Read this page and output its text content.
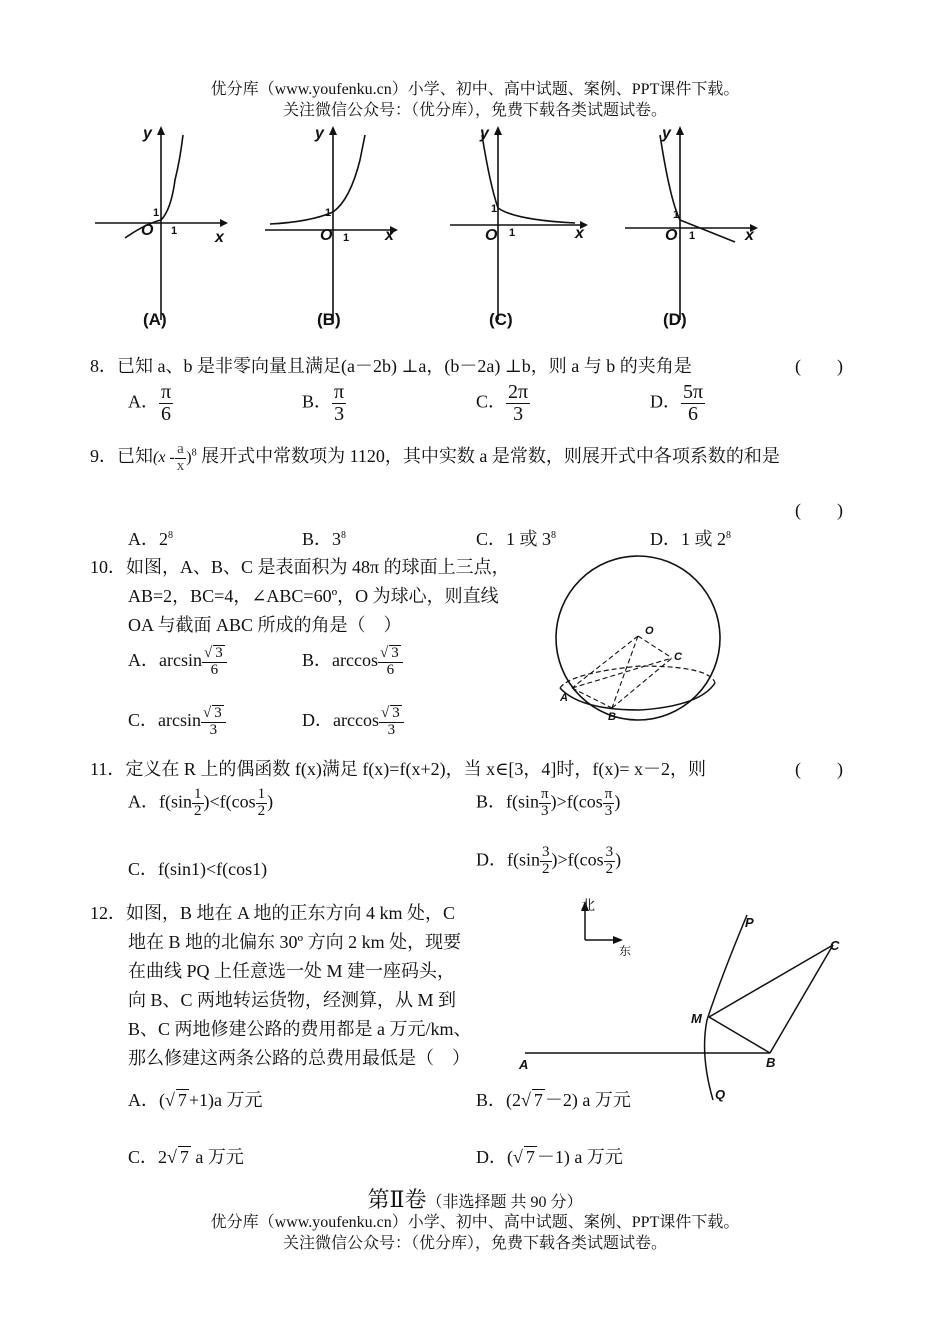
优分库（www.youfenku.cn）小学、初中、高中试题、案例、PPT课件下载。
关注微信公众号：（优分库），免费下载各类试题试卷。
y
x
O
y
x
O
y
x
O
y
x
O
1
1
1
1
1
1
1
1
(A)	(B)	(C)	(D)
8．已知 a、b 是非零向量且满足(a－2b) ⊥a，(b－2a) ⊥b，则 a 与 b 的夹角是	(　　)
A． $\frac{\pi}{6}$	B． $\frac{\pi}{3}$	C． $\frac{2\pi}{3}$	D． $\frac{5\pi}{6}$
9．已知$(x - \frac{a}{x} )^8$ 展开式中常数项为 1120，其中实数 a 是常数，则展开式中各项系数的和是
(　　)
A．$2^8$	B．$3^8$	C．1 或 $3^8$	D．1 或 $2^8$
10．如图，A、B、C 是表面积为 48π 的球面上三点，
AB=2，BC=4，∠ABC=60º，O 为球心，则直线
OA 与截面 ABC 所成的角是（　）
A．$\arcsin \frac{√ 3}{6}$	B．$\arccos \frac{√ 3}{6}$
C．$\arcsin \frac{√ 3}{3}$	D．$\arccos \frac{√ 3}{3}$
O
C
A
B
11．定义在 R 上的偶函数 f(x)满足 f(x)=f(x+2)，当 x∈[3，4]时，f(x)= x－2，则	(　　)
A．$f(\sin \frac{1}{2} )<f(\cos \frac{1}{2}$ )	B．$f(\sin \frac{\pi}{3} )>f(\cos \frac{\pi}{3}$ )
C．f(sin1)<f(cos1)	D．$f(\sin \frac{3}{2} )>f(\cos \frac{3}{2}$ )
12．如图，B 地在 A 地的正东方向 4 km 处，C
地在 B 地的北偏东 30º 方向 2 km 处，现要
在曲线 PQ 上任意选一处 M 建一座码头，
向 B、C 两地转运货物，经测算，从 M 到
B、C 两地修建公路的费用都是 a 万元/km、
那么修建这两条公路的总费用最低是（　）
A．(√ 7 +1)a 万元	B．(2√ 7 －2) a 万元
C．2√ 7 a 万元	D．(√ 7 －1) a 万元
北
东
P
Q
M
A	B
C
第Ⅱ卷（非选择题 共 90 分）
优分库（www.youfenku.cn）小学、初中、高中试题、案例、PPT课件下载。
关注微信公众号：（优分库），免费下载各类试题试卷。
